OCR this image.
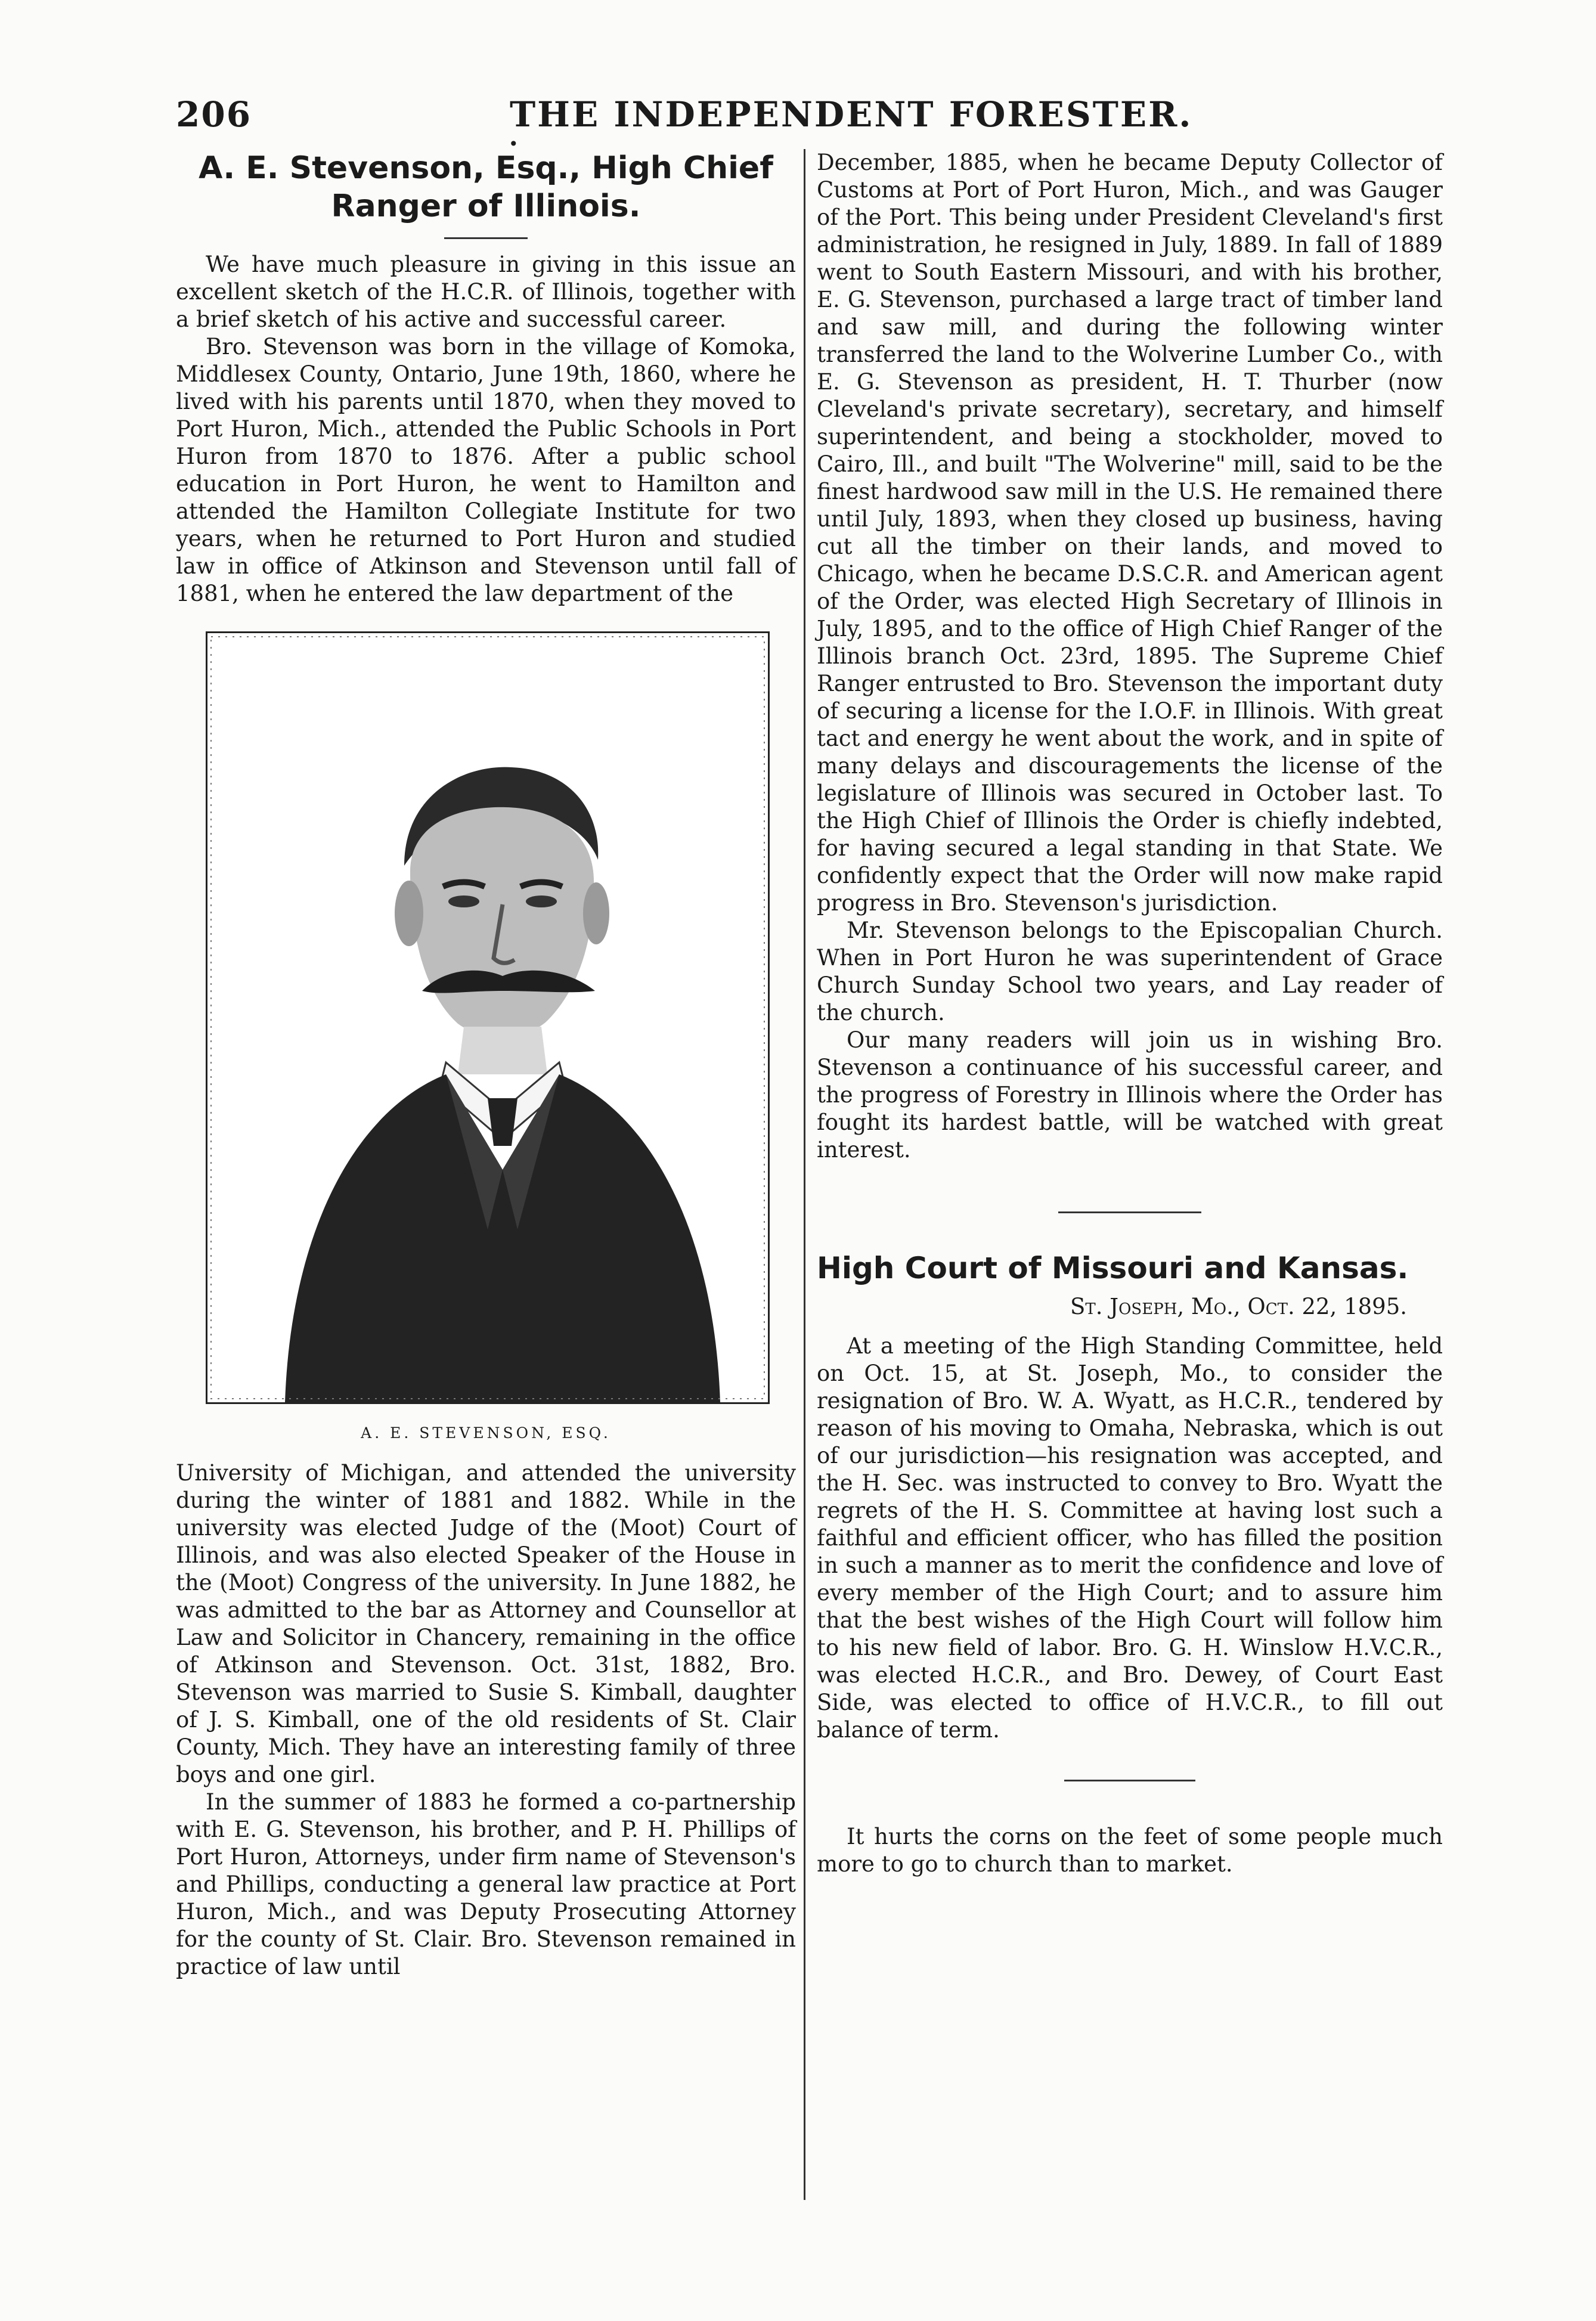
206
•
THE INDEPENDENT FORESTER.
A. E. Stevenson, Esq., High Chief Ranger of Illinois.

We have much pleasure in giving in this issue an excellent sketch of the H.C.R. of Illinois, together with a brief sketch of his active and successful career.

Bro. Stevenson was born in the village of Komoka, Middlesex County, Ontario, June 19th, 1860, where he lived with his parents until 1870, when they moved to Port Huron, Mich., attended the Public Schools in Port Huron from 1870 to 1876. After a public school education in Port Huron, he went to Hamilton and attended the Hamilton Collegiate Institute for two years, when he returned to Port Huron and studied law in office of Atkinson and Stevenson until fall of 1881, when he entered the law department of the

A. E. STEVENSON, ESQ.

University of Michigan, and attended the university during the winter of 1881 and 1882. While in the university was elected Judge of the (Moot) Court of Illinois, and was also elected Speaker of the House in the (Moot) Congress of the university. In June 1882, he was admitted to the bar as Attorney and Counsellor at Law and Solicitor in Chancery, remaining in the office of Atkinson and Stevenson. Oct. 31st, 1882, Bro. Stevenson was married to Susie S. Kimball, daughter of J. S. Kimball, one of the old residents of St. Clair County, Mich. They have an interesting family of three boys and one girl.

In the summer of 1883 he formed a co-partnership with E. G. Stevenson, his brother, and P. H. Phillips of Port Huron, Attorneys, under firm name of Stevenson's and Phillips, conducting a general law practice at Port Huron, Mich., and was Deputy Prosecuting Attorney for the county of St. Clair. Bro. Stevenson remained in practice of law until

December, 1885, when he became Deputy Collector of Customs at Port of Port Huron, Mich., and was Gauger of the Port. This being under President Cleveland's first administration, he resigned in July, 1889. In fall of 1889 went to South Eastern Missouri, and with his brother, E. G. Stevenson, purchased a large tract of timber land and saw mill, and during the following winter transferred the land to the Wolverine Lumber Co., with E. G. Stevenson as president, H. T. Thurber (now Cleveland's private secretary), secretary, and himself superintendent, and being a stockholder, moved to Cairo, Ill., and built "The Wolverine" mill, said to be the finest hardwood saw mill in the U.S. He remained there until July, 1893, when they closed up business, having cut all the timber on their lands, and moved to Chicago, when he became D.S.C.R. and American agent of the Order, was elected High Secretary of Illinois in July, 1895, and to the office of High Chief Ranger of the Illinois branch Oct. 23rd, 1895. The Supreme Chief Ranger entrusted to Bro. Stevenson the important duty of securing a license for the I.O.F. in Illinois. With great tact and energy he went about the work, and in spite of many delays and discouragements the license of the legislature of Illinois was secured in October last. To the High Chief of Illinois the Order is chiefly indebted, for having secured a legal standing in that State. We confidently expect that the Order will now make rapid progress in Bro. Stevenson's jurisdiction.

Mr. Stevenson belongs to the Episcopalian Church. When in Port Huron he was superintendent of Grace Church Sunday School two years, and Lay reader of the church.

Our many readers will join us in wishing Bro. Stevenson a continuance of his successful career, and the progress of Forestry in Illinois where the Order has fought its hardest battle, will be watched with great interest.

High Court of Missouri and Kansas.
St. Joseph, Mo., Oct. 22, 1895.

At a meeting of the High Standing Committee, held on Oct. 15, at St. Joseph, Mo., to consider the resignation of Bro. W. A. Wyatt, as H.C.R., tendered by reason of his moving to Omaha, Nebraska, which is out of our jurisdiction—his resignation was accepted, and the H. Sec. was instructed to convey to Bro. Wyatt the regrets of the H. S. Committee at having lost such a faithful and efficient officer, who has filled the position in such a manner as to merit the confidence and love of every member of the High Court; and to assure him that the best wishes of the High Court will follow him to his new field of labor. Bro. G. H. Winslow H.V.C.R., was elected H.C.R., and Bro. Dewey, of Court East Side, was elected to office of H.V.C.R., to fill out balance of term.

It hurts the corns on the feet of some people much more to go to church than to market.
